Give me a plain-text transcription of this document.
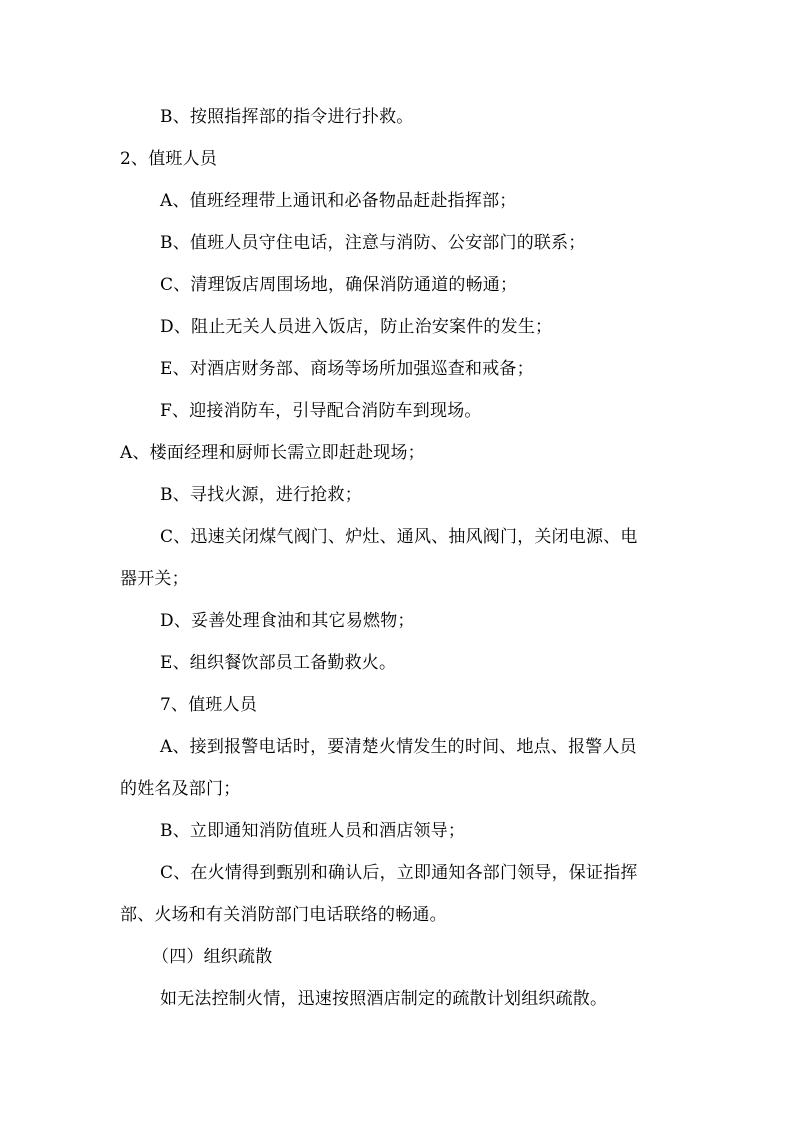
B、按照指挥部的指令进行扑救。
2、值班人员
A、值班经理带上通讯和必备物品赶赴指挥部；
B、值班人员守住电话，注意与消防、公安部门的联系；
C、清理饭店周围场地，确保消防通道的畅通；
D、阻止无关人员进入饭店，防止治安案件的发生；
E、对酒店财务部、商场等场所加强巡查和戒备；
F、迎接消防车，引导配合消防车到现场。
A、楼面经理和厨师长需立即赶赴现场；
B、寻找火源，进行抢救；
C、迅速关闭煤气阀门、炉灶、通风、抽风阀门，关闭电源、电
器开关；
D、妥善处理食油和其它易燃物；
E、组织餐饮部员工备勤救火。
7、值班人员
A、接到报警电话时，要清楚火情发生的时间、地点、报警人员
的姓名及部门；
B、立即通知消防值班人员和酒店领导；
C、在火情得到甄别和确认后，立即通知各部门领导，保证指挥
部、火场和有关消防部门电话联络的畅通。
（四）组织疏散
如无法控制火情，迅速按照酒店制定的疏散计划组织疏散。
